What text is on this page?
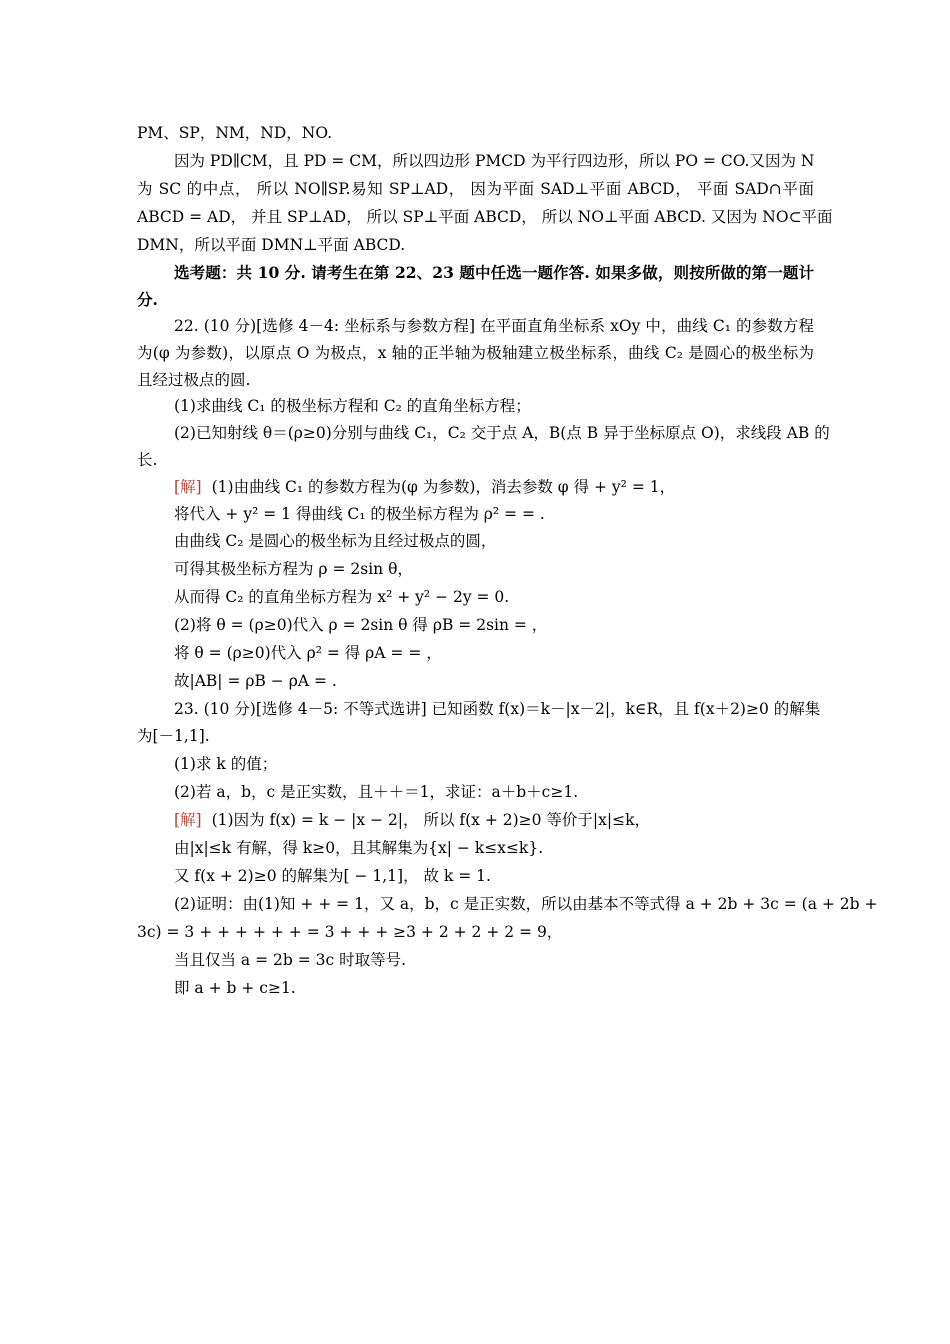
PM、SP，NM，ND，NO.
因为 PD∥CM，且 PD = CM，所以四边形 PMCD 为平行四边形，所以 PO = CO.又因为 N
为 SC 的中点， 所以 NO∥SP.易知 SP⊥AD， 因为平面 SAD⊥平面 ABCD， 平面 SAD∩平面
ABCD = AD， 并且 SP⊥AD， 所以 SP⊥平面 ABCD， 所以 NO⊥平面 ABCD. 又因为 NO⊂平面
DMN，所以平面 DMN⊥平面 ABCD.
选考题：共 10 分. 请考生在第 22、23 题中任选一题作答. 如果多做，则按所做的第一题计
分.
22. (10 分)[选修 4－4: 坐标系与参数方程] 在平面直角坐标系 xOy 中，曲线 C₁ 的参数方程
为(φ 为参数)，以原点 O 为极点，x 轴的正半轴为极轴建立极坐标系，曲线 C₂ 是圆心的极坐标为
且经过极点的圆.
(1)求曲线 C₁ 的极坐标方程和 C₂ 的直角坐标方程；
(2)已知射线 θ＝(ρ≥0)分别与曲线 C₁，C₂ 交于点 A，B(点 B 异于坐标原点 O)，求线段 AB 的
长.
[解] (1)由曲线 C₁ 的参数方程为(φ 为参数)，消去参数 φ 得 + y² = 1，
将代入 + y² = 1 得曲线 C₁ 的极坐标方程为 ρ² = = .
由曲线 C₂ 是圆心的极坐标为且经过极点的圆，
可得其极坐标方程为 ρ = 2sin θ，
从而得 C₂ 的直角坐标方程为 x² + y² − 2y = 0.
(2)将 θ = (ρ≥0)代入 ρ = 2sin θ 得 ρB = 2sin = ，
将 θ = (ρ≥0)代入 ρ² = 得 ρA = = ，
故|AB| = ρB − ρA = .
23. (10 分)[选修 4－5: 不等式选讲] 已知函数 f(x)＝k－|x－2|，k∈R，且 f(x＋2)≥0 的解集
为[－1,1].
(1)求 k 的值；
(2)若 a，b，c 是正实数，且＋＋＝1，求证：a＋b＋c≥1.
[解] (1)因为 f(x) = k − |x − 2|， 所以 f(x + 2)≥0 等价于|x|≤k，
由|x|≤k 有解，得 k≥0，且其解集为{x| − k≤x≤k}.
又 f(x + 2)≥0 的解集为[ − 1,1]， 故 k = 1.
(2)证明：由(1)知 + + = 1，又 a，b，c 是正实数，所以由基本不等式得 a + 2b + 3c = (a + 2b +
3c) = 3 + + + + + + = 3 + + + ≥3 + 2 + 2 + 2 = 9，
当且仅当 a = 2b = 3c 时取等号.
即 a + b + c≥1.
